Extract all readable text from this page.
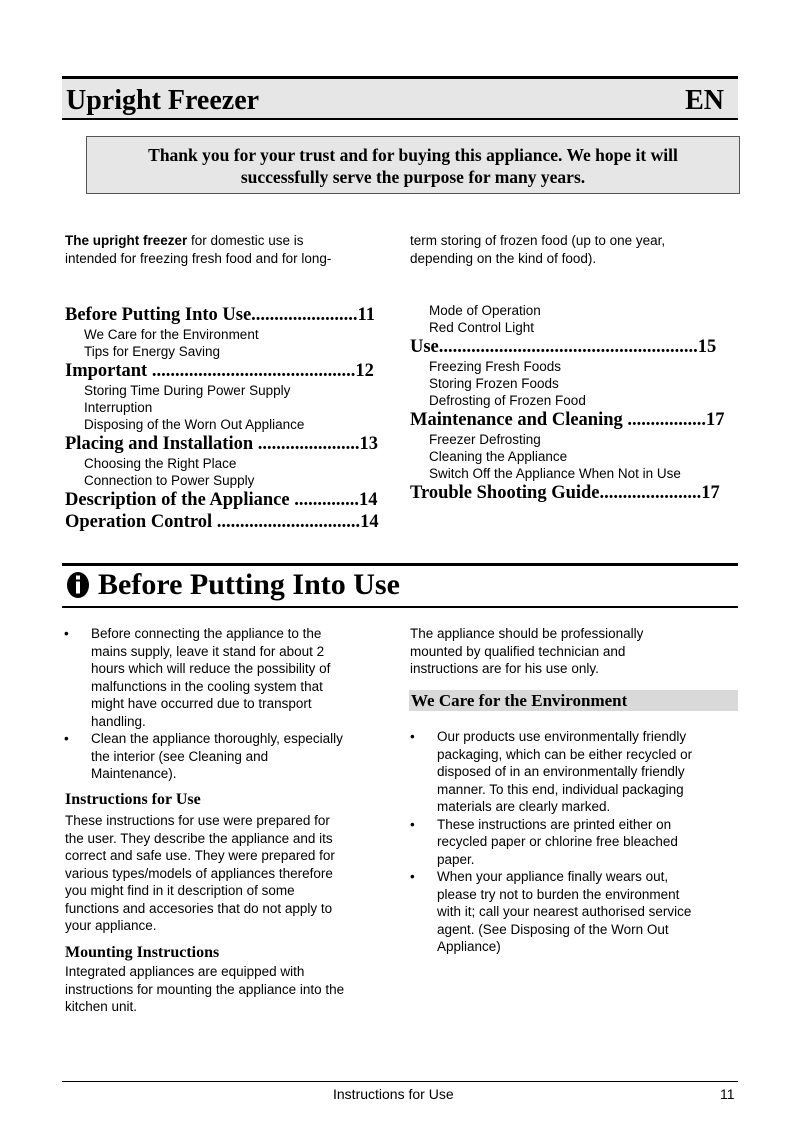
Upright Freezer	EN
Thank you for your trust and for buying this appliance. We hope it will
successfully serve the purpose for many years.
The upright freezer for domestic use is
intended for freezing fresh food and for long-
term storing of frozen food (up to one year,
depending on the kind of food).
Before Putting Into Use.......................11
We Care for the Environment
Tips for Energy Saving
Important ............................................12
Storing Time During Power Supply
Interruption
Disposing of the Worn Out Appliance
Placing and Installation ......................13
Choosing the Right Place
Connection to Power Supply
Description of the Appliance ..............14
Operation Control ...............................14
Mode of Operation
Red Control Light
Use........................................................15
Freezing Fresh Foods
Storing Frozen Foods
Defrosting of Frozen Food
Maintenance and Cleaning .................17
Freezer Defrosting
Cleaning the Appliance
Switch Off the Appliance When Not in Use
Trouble Shooting Guide......................17
Before Putting Into Use
• Before connecting the appliance to the
mains supply, leave it stand for about 2
hours which will reduce the possibility of
malfunctions in the cooling system that
might have occurred due to transport
handling.
• Clean the appliance thoroughly, especially
the interior (see Cleaning and
Maintenance).
Instructions for Use
These instructions for use were prepared for
the user. They describe the appliance and its
correct and safe use. They were prepared for
various types/models of appliances therefore
you might find in it description of some
functions and accesories that do not apply to
your appliance.
Mounting Instructions
Integrated appliances are equipped with
instructions for mounting the appliance into the
kitchen unit.
The appliance should be professionally
mounted by qualified technician and
instructions are for his use only.
We Care for the Environment
• Our products use environmentally friendly
packaging, which can be either recycled or
disposed of in an environmentally friendly
manner. To this end, individual packaging
materials are clearly marked.
• These instructions are printed either on
recycled paper or chlorine free bleached
paper.
• When your appliance finally wears out,
please try not to burden the environment
with it; call your nearest authorised service
agent. (See Disposing of the Worn Out
Appliance)
Instructions for Use	11
